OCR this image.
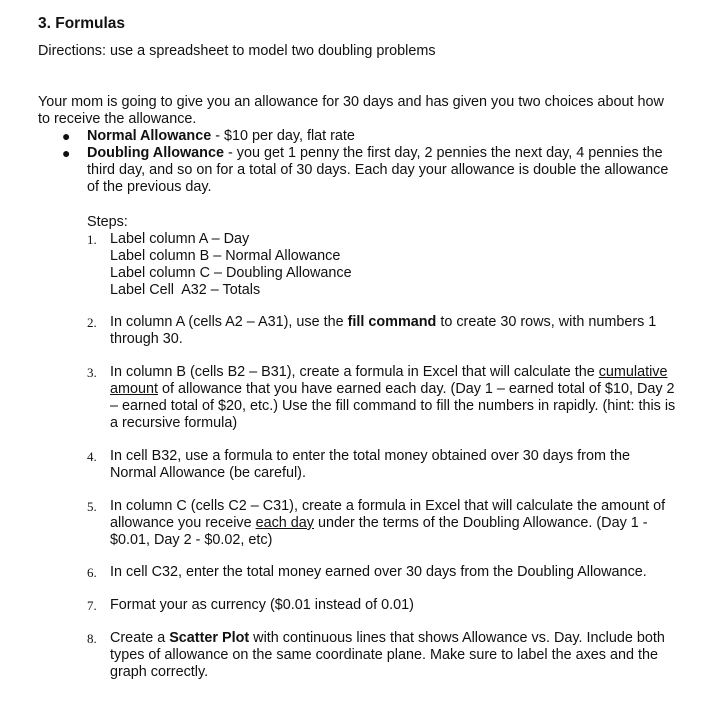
3. Formulas
Directions: use a spreadsheet to model two doubling problems
Your mom is going to give you an allowance for 30 days and has given you two choices about how to receive the allowance.
● Normal Allowance - $10 per day, flat rate
● Doubling Allowance - you get 1 penny the first day, 2 pennies the next day, 4 pennies the third day, and so on for a total of 30 days. Each day your allowance is double the allowance of the previous day.
Steps:
1. Label column A – Day
Label column B – Normal Allowance
Label column C – Doubling Allowance
Label Cell  A32 – Totals
2. In column A (cells A2 – A31), use the fill command to create 30 rows, with numbers 1 through 30.
3. In column B (cells B2 – B31), create a formula in Excel that will calculate the cumulative amount of allowance that you have earned each day. (Day 1 – earned total of $10, Day 2 – earned total of $20, etc.) Use the fill command to fill the numbers in rapidly. (hint: this is a recursive formula)
4. In cell B32, use a formula to enter the total money obtained over 30 days from the Normal Allowance (be careful).
5. In column C (cells C2 – C31), create a formula in Excel that will calculate the amount of allowance you receive each day under the terms of the Doubling Allowance. (Day 1 - $0.01, Day 2 - $0.02, etc)
6. In cell C32, enter the total money earned over 30 days from the Doubling Allowance.
7. Format your as currency ($0.01 instead of 0.01)
8. Create a Scatter Plot with continuous lines that shows Allowance vs. Day. Include both types of allowance on the same coordinate plane. Make sure to label the axes and the graph correctly.
